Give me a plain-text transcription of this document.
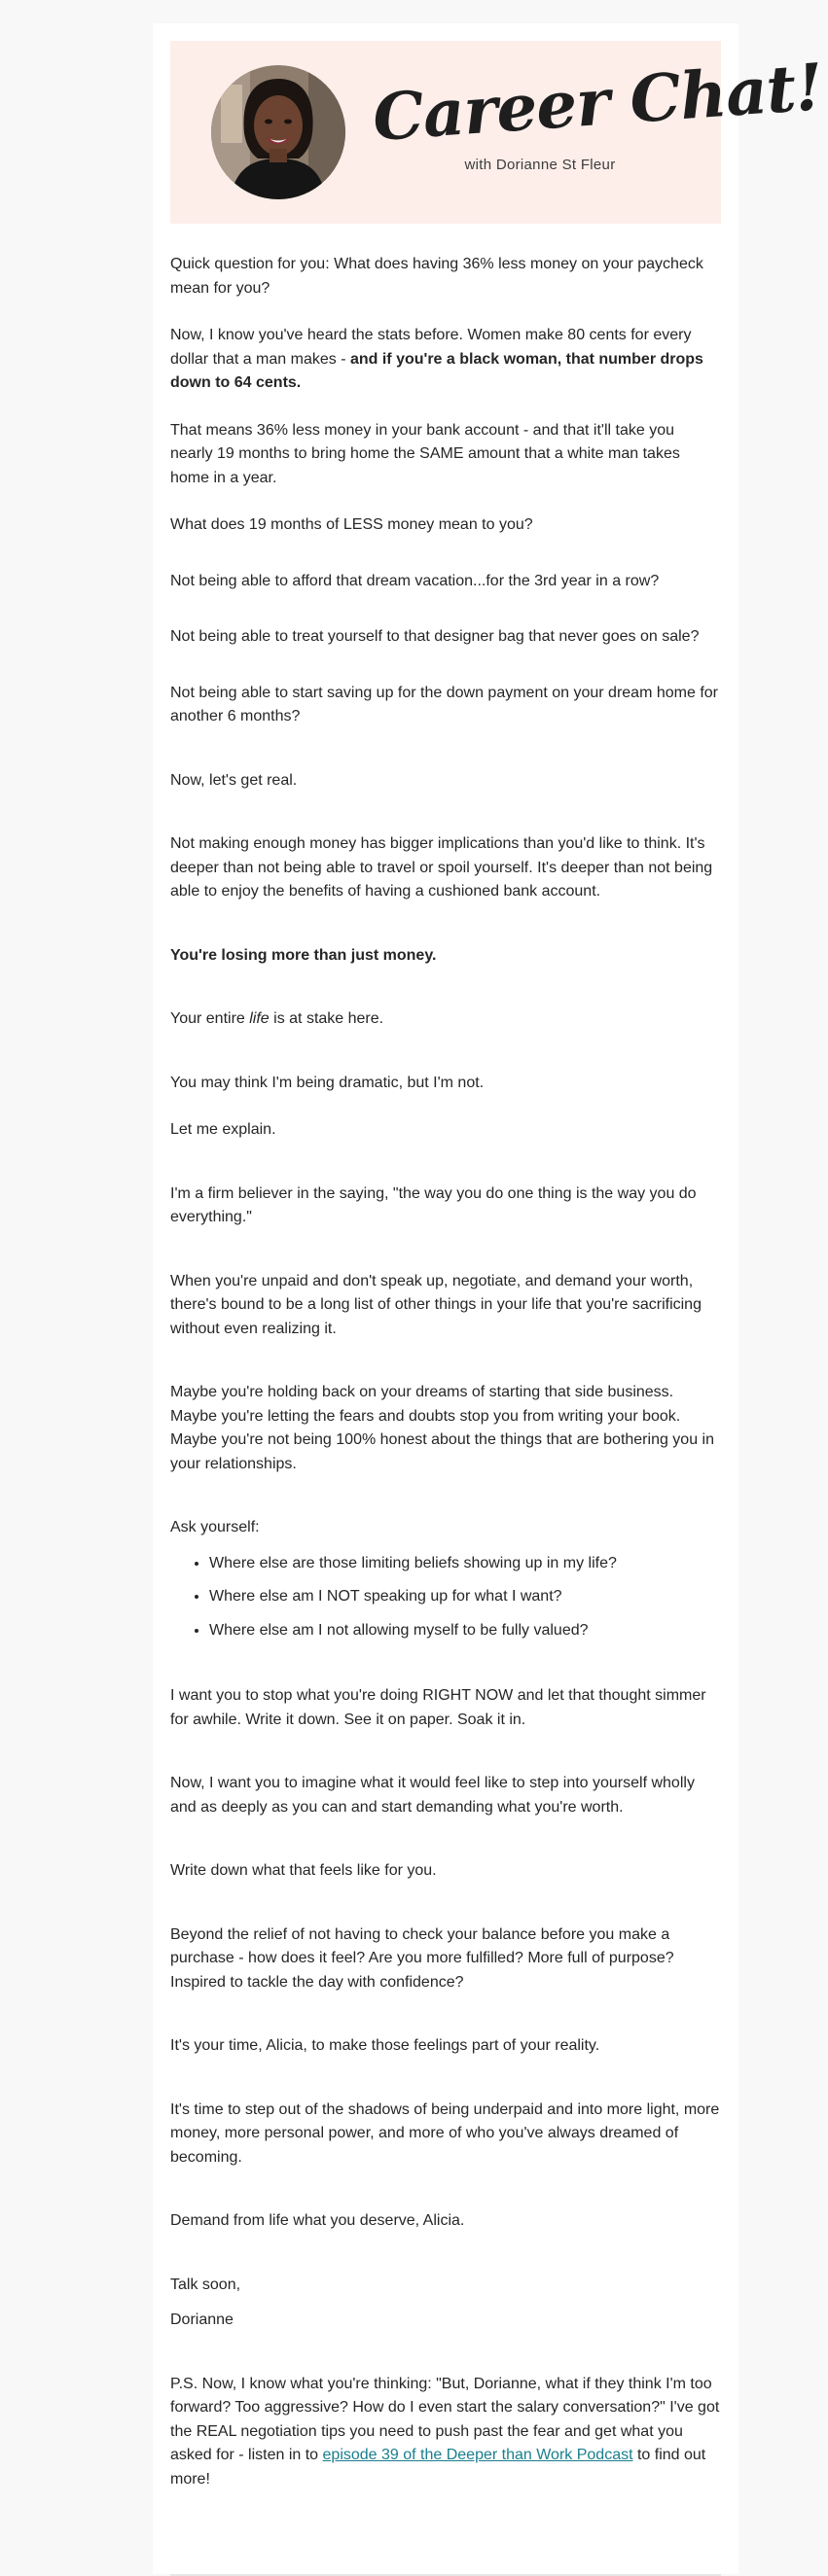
Career Chat!
with Dorianne St Fleur

Quick question for you: What does having 36% less money on your paycheck mean for you?

Now, I know you've heard the stats before. Women make 80 cents for every dollar that a man makes - and if you're a black woman, that number drops down to 64 cents.

That means 36% less money in your bank account - and that it'll take you nearly 19 months to bring home the SAME amount that a white man takes home in a year.

What does 19 months of LESS money mean to you?

Not being able to afford that dream vacation...for the 3rd year in a row?

Not being able to treat yourself to that designer bag that never goes on sale?

Not being able to start saving up for the down payment on your dream home for another 6 months?

Now, let's get real.

Not making enough money has bigger implications than you'd like to think. It's deeper than not being able to travel or spoil yourself. It's deeper than not being able to enjoy the benefits of having a cushioned bank account.

You're losing more than just money.

Your entire life is at stake here.

You may think I'm being dramatic, but I'm not.

Let me explain.

I'm a firm believer in the saying, "the way you do one thing is the way you do everything."

When you're unpaid and don't speak up, negotiate, and demand your worth, there's bound to be a long list of other things in your life that you're sacrificing without even realizing it.

Maybe you're holding back on your dreams of starting that side business. Maybe you're letting the fears and doubts stop you from writing your book. Maybe you're not being 100% honest about the things that are bothering you in your relationships.

Ask yourself:

• Where else are those limiting beliefs showing up in my life?
• Where else am I NOT speaking up for what I want?
• Where else am I not allowing myself to be fully valued?

I want you to stop what you're doing RIGHT NOW and let that thought simmer for awhile. Write it down. See it on paper. Soak it in.

Now, I want you to imagine what it would feel like to step into yourself wholly and as deeply as you can and start demanding what you're worth.

Write down what that feels like for you.

Beyond the relief of not having to check your balance before you make a purchase - how does it feel? Are you more fulfilled? More full of purpose? Inspired to tackle the day with confidence?

It's your time, Alicia, to make those feelings part of your reality.

It's time to step out of the shadows of being underpaid and into more light, more money, more personal power, and more of who you've always dreamed of becoming.

Demand from life what you deserve, Alicia.

Talk soon,

Dorianne

P.S. Now, I know what you're thinking: "But, Dorianne, what if they think I'm too forward? Too aggressive? How do I even start the salary conversation?" I've got the REAL negotiation tips you need to push past the fear and get what you asked for - listen in to episode 39 of the Deeper than Work Podcast to find out more!
